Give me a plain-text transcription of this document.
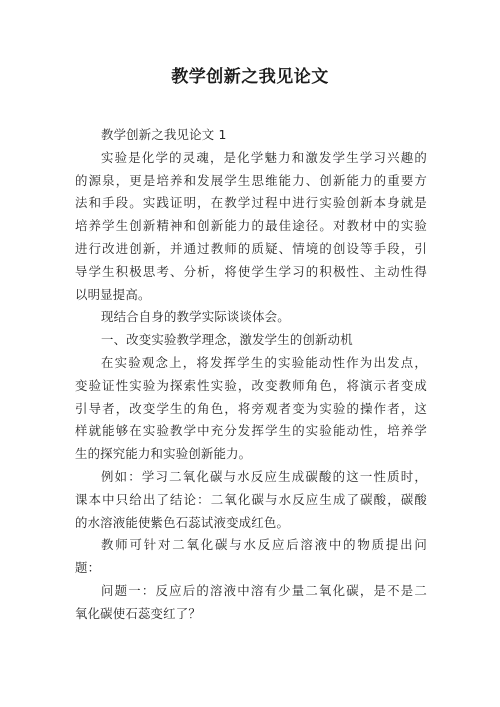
教学创新之我见论文
教学创新之我见论文 1
实验是化学的灵魂，是化学魅力和激发学生学习兴趣的
的源泉，更是培养和发展学生思维能力、创新能力的重要方
法和手段。实践证明，在教学过程中进行实验创新本身就是
培养学生创新精神和创新能力的最佳途径。对教材中的实验
进行改进创新，并通过教师的质疑、情境的创设等手段，引
导学生积极思考、分析，将使学生学习的积极性、主动性得
以明显提高。
现结合自身的教学实际谈谈体会。
一、改变实验教学理念，激发学生的创新动机
在实验观念上，将发挥学生的实验能动性作为出发点，
变验证性实验为探索性实验，改变教师角色，将演示者变成
引导者，改变学生的角色，将旁观者变为实验的操作者，这
样就能够在实验教学中充分发挥学生的实验能动性，培养学
生的探究能力和实验创新能力。
例如：学习二氧化碳与水反应生成碳酸的这一性质时，
课本中只给出了结论：二氧化碳与水反应生成了碳酸，碳酸
的水溶液能使紫色石蕊试液变成红色。
教师可针对二氧化碳与水反应后溶液中的物质提出问
题：
问题一：反应后的溶液中溶有少量二氧化碳，是不是二
氧化碳使石蕊变红了？
